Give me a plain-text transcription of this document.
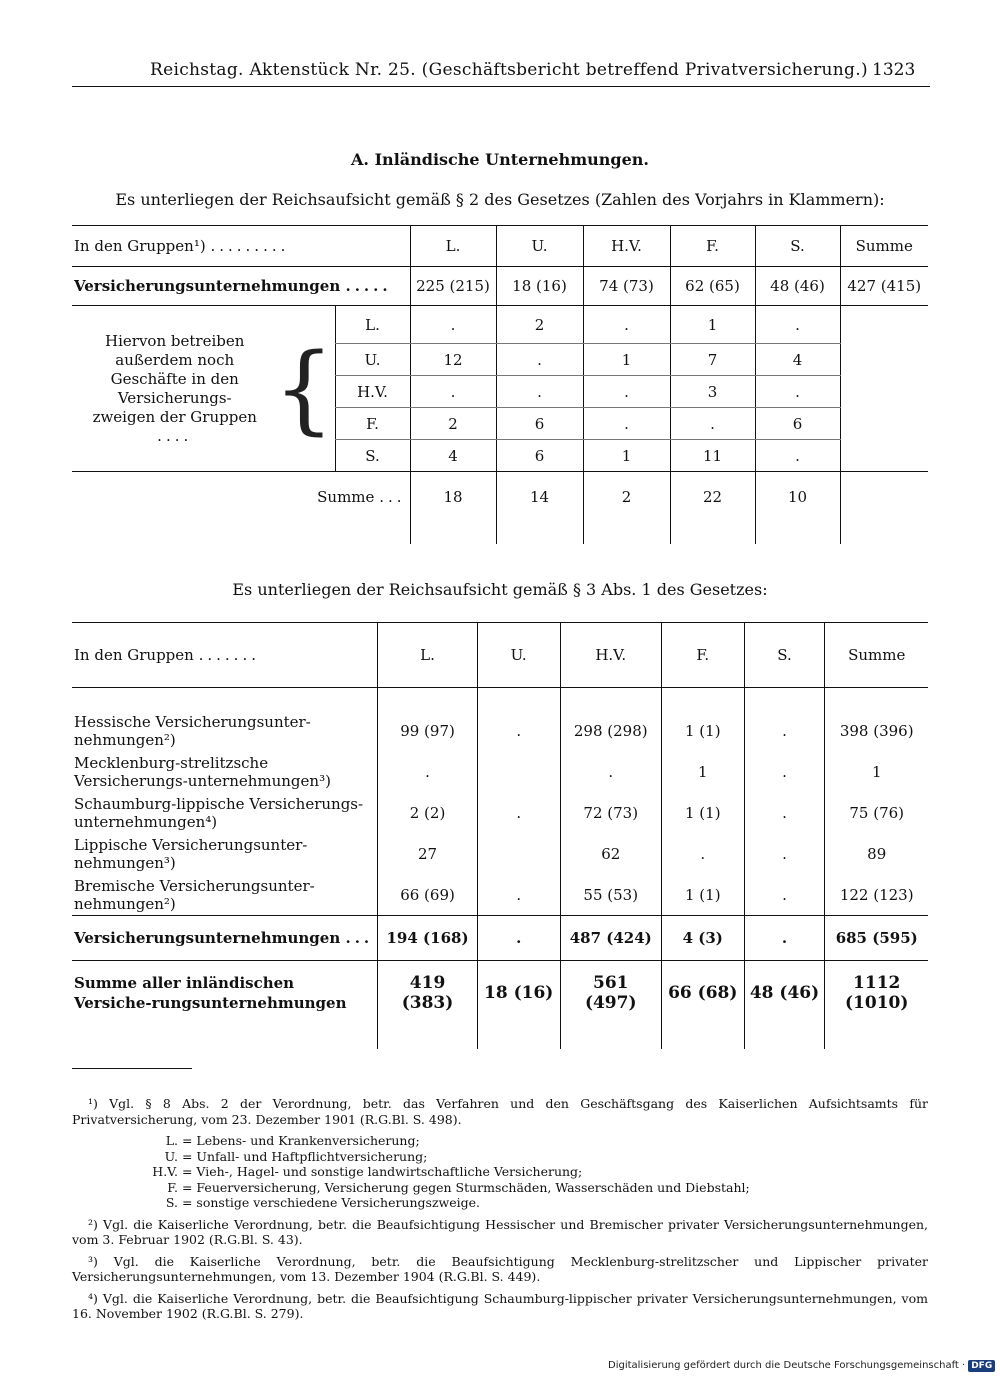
Reichstag. Aktenstück Nr. 25. (Geschäftsbericht betreffend Privatversicherung.) 1323
A. Inländische Unternehmungen.
Es unterliegen der Reichsaufsicht gemäß § 2 des Gesetzes (Zahlen des Vorjahrs in Klammern):
In den Gruppen¹) .........		L.	U.	H.V.	F.	S.	Summe
Versicherungsunternehmungen .....		225 (215)	18 (16)	74 (73)	62 (65)	48 (46)	427 (415)

Hiervon betreiben außerdem noch
Geschäfte in den Versicherungs-
zweigen der Gruppen .... {	L.	.	2	.	1	.	
	U.	12	.	1	7	4	
	H.V.	.	.	.	3	.	
	F.	2	6	.	.	6	
	S.	4	6	1	11	.	
Summe ...		18	14	2	22	10	

Es unterliegen der Reichsaufsicht gemäß § 3 Abs. 1 des Gesetzes:
In den Gruppen .......	L.	U.	H.V.	F.	S.	Summe

Hessische Versicherungsunter-nehmungen²)	99 (97)	.	298 (298)	1 (1)	.	398 (396)
Mecklenburg-strelitzsche Versicherungs-unternehmungen³)	.		.	1	.	1
Schaumburg-lippische Versicherungs-unternehmungen⁴)	2 (2)	.	72 (73)	1 (1)	.	75 (76)
Lippische Versicherungsunter-nehmungen³)	27		62	.	.	89
Bremische Versicherungsunter-nehmungen²)	66 (69)	.	55 (53)	1 (1)	.	122 (123)
Versicherungsunternehmungen ...	194 (168)	.	487 (424)	4 (3)	.	685 (595)
Summe aller inländischen Versiche-rungsunternehmungen	419 (383)	18 (16)	561 (497)	66 (68)	48 (46)	1112 (1010)

¹) Vgl. § 8 Abs. 2 der Verordnung, betr. das Verfahren und den Geschäftsgang des Kaiserlichen Aufsichtsamts für Privatversicherung, vom 23. Dezember 1901 (R.G.Bl. S. 498).

L. = Lebens- und Krankenversicherung;
U. = Unfall- und Haftpflichtversicherung;
H.V. = Vieh-, Hagel- und sonstige landwirtschaftliche Versicherung;
F. = Feuerversicherung, Versicherung gegen Sturmschäden, Wasserschäden und Diebstahl;
S. = sonstige verschiedene Versicherungszweige.

²) Vgl. die Kaiserliche Verordnung, betr. die Beaufsichtigung Hessischer und Bremischer privater Versicherungsunternehmungen, vom 3. Februar 1902 (R.G.Bl. S. 43).

³) Vgl. die Kaiserliche Verordnung, betr. die Beaufsichtigung Mecklenburg-strelitzscher und Lippischer privater Versicherungsunternehmungen, vom 13. Dezember 1904 (R.G.Bl. S. 449).

⁴) Vgl. die Kaiserliche Verordnung, betr. die Beaufsichtigung Schaumburg-lippischer privater Versicherungsunternehmungen, vom 16. November 1902 (R.G.Bl. S. 279).

Digitalisierung gefördert durch die Deutsche Forschungsgemeinschaft · DFG
